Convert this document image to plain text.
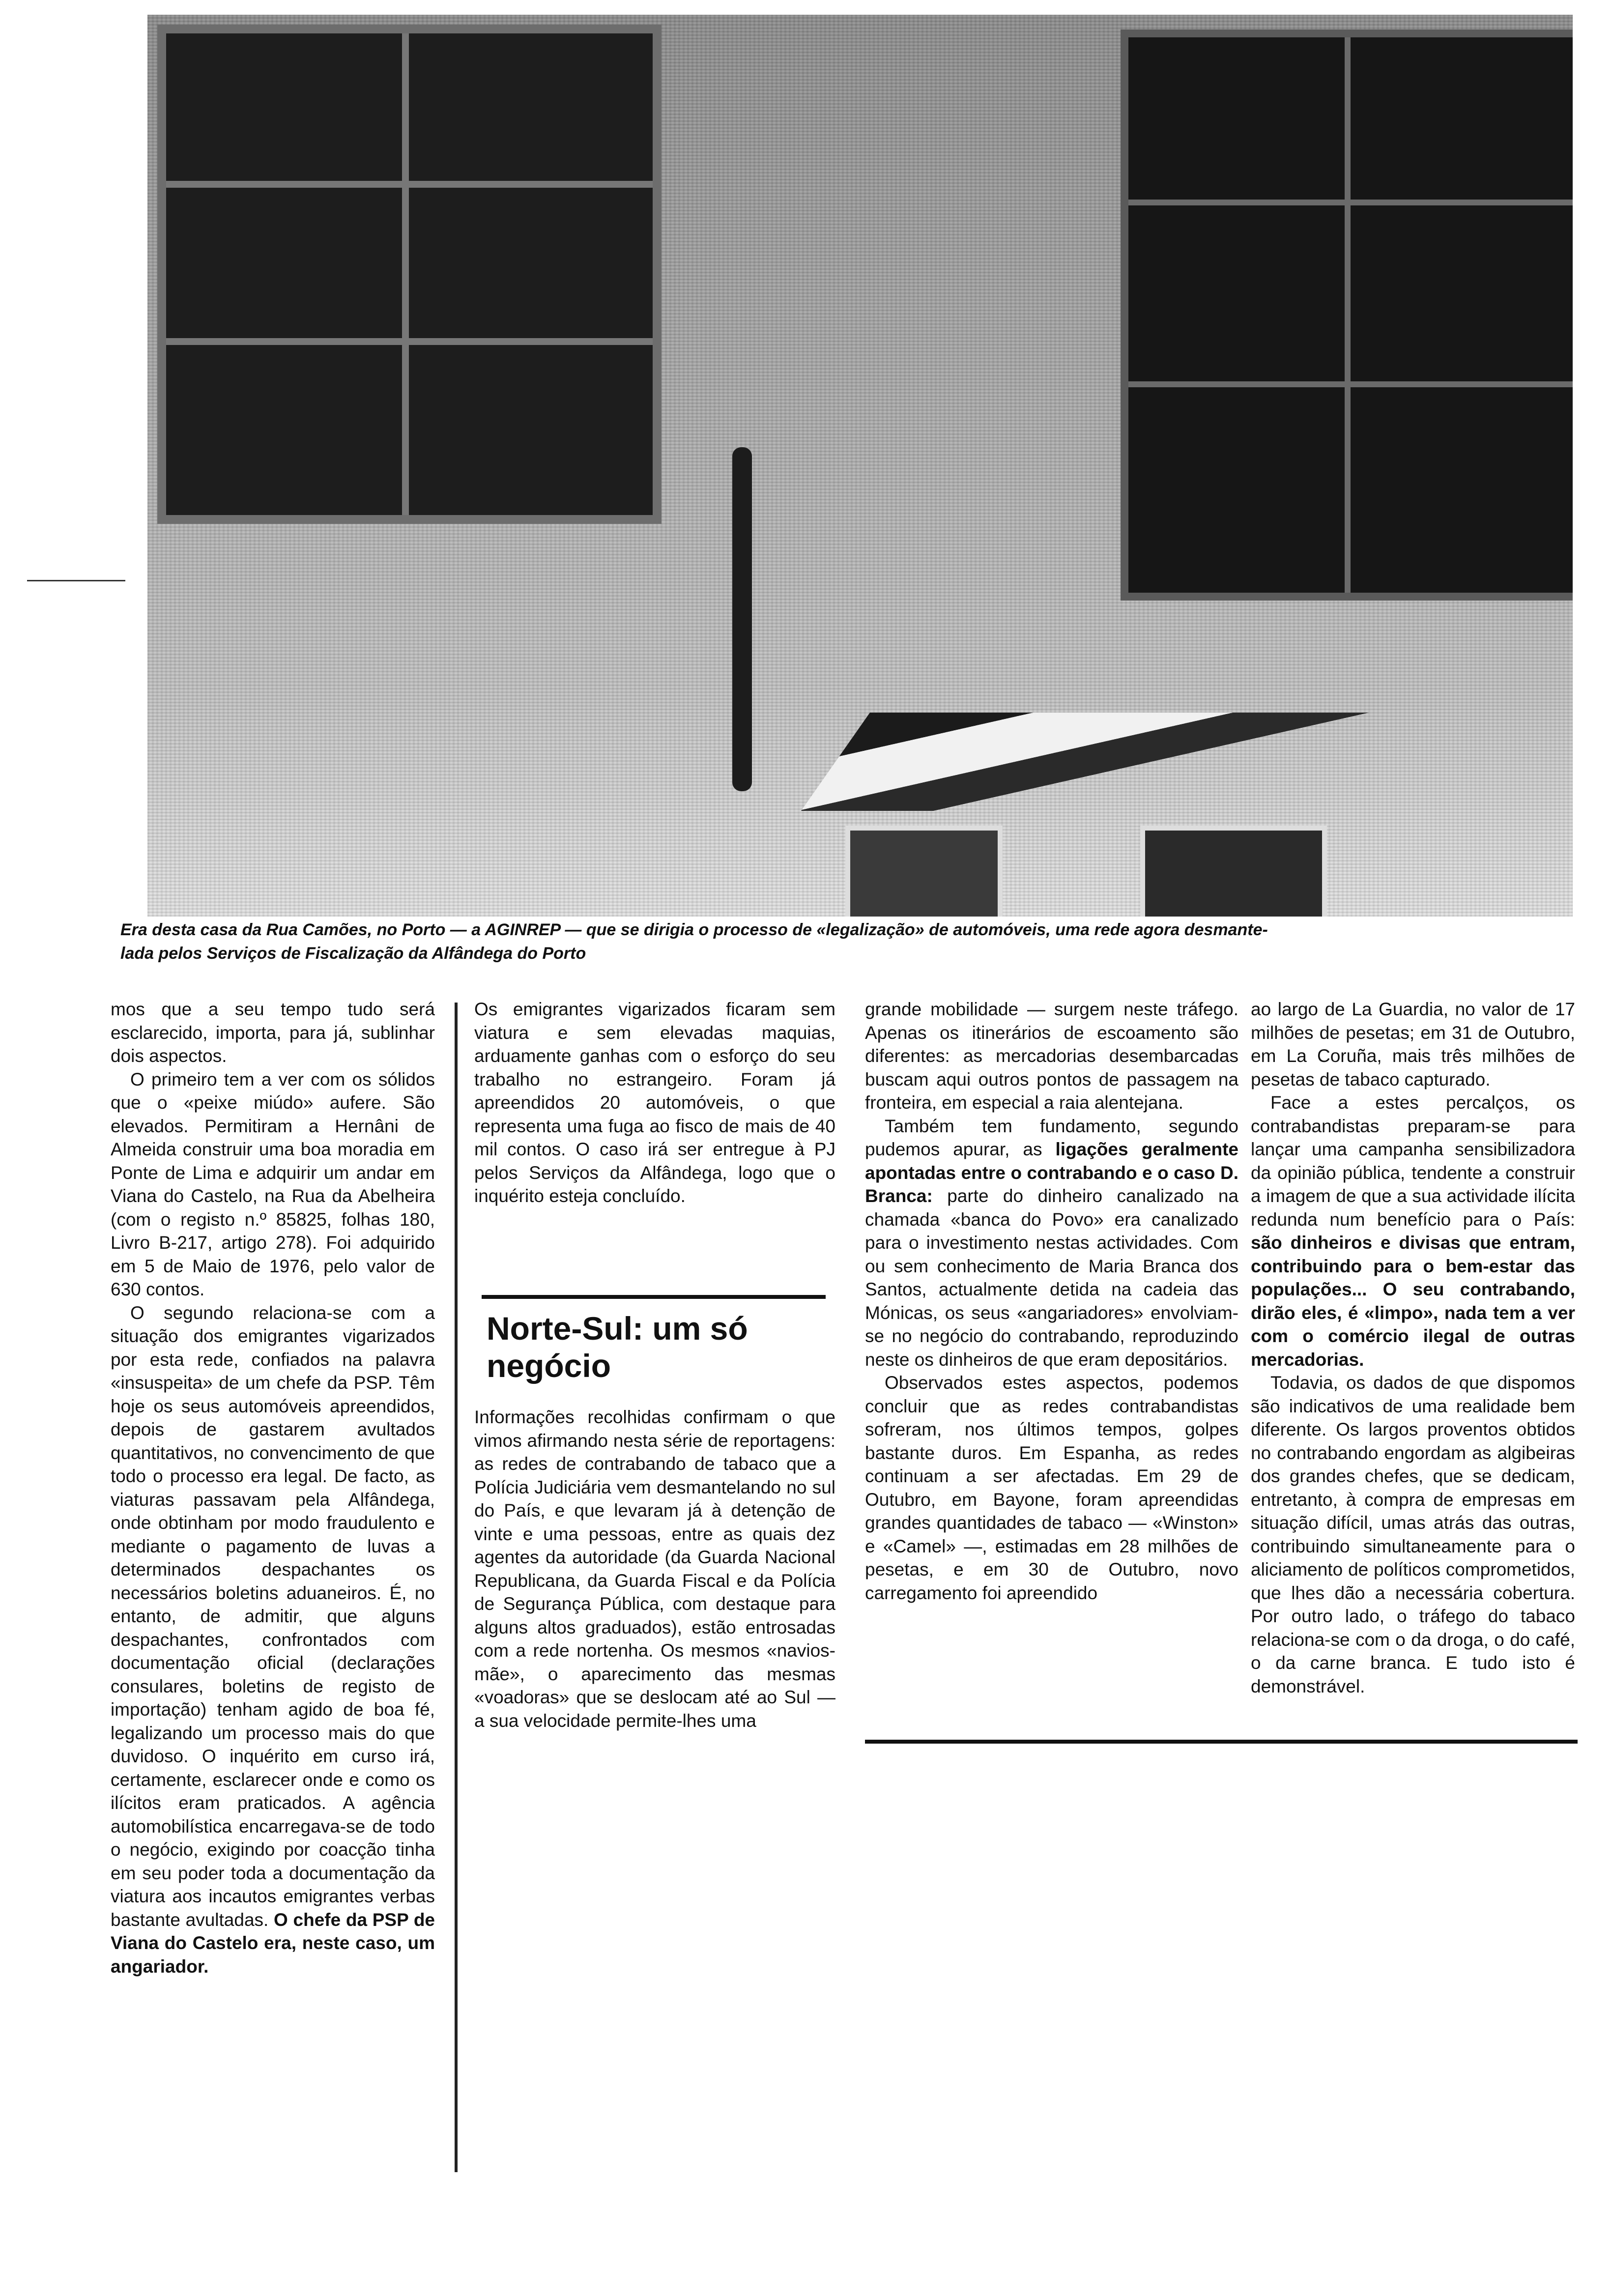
Era desta casa da Rua Camões, no Porto — a AGINREP — que se dirigia o processo de «legalização» de automóveis, uma rede agora desmante-
lada pelos Serviços de Fiscalização da Alfândega do Porto

mos que a seu tempo tudo será esclarecido, importa, para já, sublinhar dois aspectos.

O primeiro tem a ver com os sólidos que o «peixe miúdo» aufere. São elevados. Permitiram a Hernâni de Almeida construir uma boa moradia em Ponte de Lima e adquirir um andar em Viana do Castelo, na Rua da Abelheira (com o registo n.º 85825, folhas 180, Livro B-217, artigo 278). Foi adquirido em 5 de Maio de 1976, pelo valor de 630 contos.

O segundo relaciona-se com a situação dos emigrantes vigarizados por esta rede, confiados na palavra «insuspeita» de um chefe da PSP. Têm hoje os seus automóveis apreendidos, depois de gastarem avultados quantitativos, no convencimento de que todo o processo era legal. De facto, as viaturas passavam pela Alfândega, onde obtinham por modo fraudulento e mediante o pagamento de luvas a determinados despachantes os necessários boletins aduaneiros. É, no entanto, de admitir, que alguns despachantes, confrontados com documentação oficial (declarações consulares, boletins de registo de importação) tenham agido de boa fé, legalizando um processo mais do que duvidoso. O inquérito em curso irá, certamente, esclarecer onde e como os ilícitos eram praticados. A agência automobilística encarregava-se de todo o negócio, exigindo por coacção tinha em seu poder toda a documentação da viatura aos incautos emigrantes verbas bastante avultadas. O chefe da PSP de Viana do Castelo era, neste caso, um angariador.

Os emigrantes vigarizados ficaram sem viatura e sem elevadas maquias, arduamente ganhas com o esforço do seu trabalho no estrangeiro. Foram já apreendidos 20 automóveis, o que representa uma fuga ao fisco de mais de 40 mil contos. O caso irá ser entregue à PJ pelos Serviços da Alfândega, logo que o inquérito esteja concluído.

Norte-Sul: um só negócio

Informações recolhidas confirmam o que vimos afirmando nesta série de reportagens: as redes de contrabando de tabaco que a Polícia Judiciária vem desmantelando no sul do País, e que levaram já à detenção de vinte e uma pessoas, entre as quais dez agentes da autoridade (da Guarda Nacional Republicana, da Guarda Fiscal e da Polícia de Segurança Pública, com destaque para alguns altos graduados), estão entrosadas com a rede nortenha. Os mesmos «navios-mãe», o aparecimento das mesmas «voadoras» que se deslocam até ao Sul — a sua velocidade permite-lhes uma

grande mobilidade — surgem neste tráfego. Apenas os itinerários de escoamento são diferentes: as mercadorias desembarcadas buscam aqui outros pontos de passagem na fronteira, em especial a raia alentejana.

Também tem fundamento, segundo pudemos apurar, as ligações geralmente apontadas entre o contrabando e o caso D. Branca: parte do dinheiro canalizado na chamada «banca do Povo» era canalizado para o investimento nestas actividades. Com ou sem conhecimento de Maria Branca dos Santos, actualmente detida na cadeia das Mónicas, os seus «angariadores» envolviam-se no negócio do contrabando, reproduzindo neste os dinheiros de que eram depositários.

Observados estes aspectos, podemos concluir que as redes contrabandistas sofreram, nos últimos tempos, golpes bastante duros. Em Espanha, as redes continuam a ser afectadas. Em 29 de Outubro, em Bayone, foram apreendidas grandes quantidades de tabaco — «Winston» e «Camel» —, estimadas em 28 milhões de pesetas, e em 30 de Outubro, novo carregamento foi apreendido

ao largo de La Guardia, no valor de 17 milhões de pesetas; em 31 de Outubro, em La Coruña, mais três milhões de pesetas de tabaco capturado.

Face a estes percalços, os contrabandistas preparam-se para lançar uma campanha sensibilizadora da opinião pública, tendente a construir a imagem de que a sua actividade ilícita redunda num benefício para o País: são dinheiros e divisas que entram, contribuindo para o bem-estar das populações... O seu contrabando, dirão eles, é «limpo», nada tem a ver com o comércio ilegal de outras mercadorias.

Todavia, os dados de que dispomos são indicativos de uma realidade bem diferente. Os largos proventos obtidos no contrabando engordam as algibeiras dos grandes chefes, que se dedicam, entretanto, à compra de empresas em situação difícil, umas atrás das outras, contribuindo simultaneamente para o aliciamento de políticos comprometidos, que lhes dão a necessária cobertura. Por outro lado, o tráfego do tabaco relaciona-se com o da droga, o do café, o da carne branca. E tudo isto é demonstrável.
